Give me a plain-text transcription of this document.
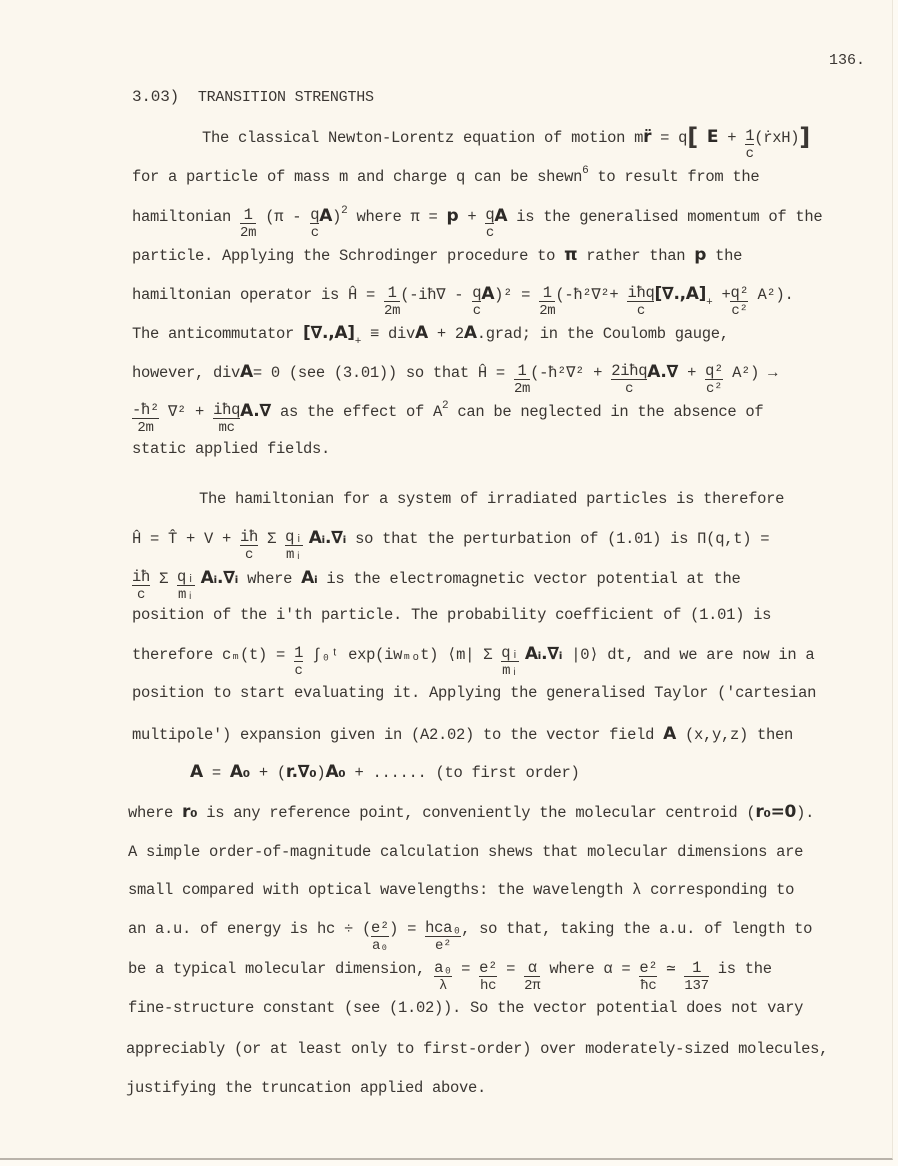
136.
3.03) TRANSITION STRENGTHS
The classical Newton-Lorentz equation of motion mr̈ = q[ $E + \frac{1}{c}$ (ṙxH)]
for a particle of mass m and charge q can be shewn$^6$ to result from the
hamiltonian $\frac{1}{2m} (\pi - \frac{q}{c} A)^2$ where $\pi = p + \frac{q}{c}$ A is the generalised momentum of the
particle. Applying the Schrodinger procedure to π rather than p the
hamiltonian operator is Ĥ = $\frac{1}{2m}$ (-iħ∇ - $\frac{q}{c} A)^2 = \frac{1}{2m}$ (-ħ²∇²+ $\frac{\text{iħq}}{c} [\nabla.,A]_+ + \frac{\text{q²}}{\text{c²}} A^2$).
The anticommutator $[\nabla.,A]_+$ ≡ divA + 2A.grad; in the Coulomb gauge,
however, divA= 0 (see (3.01)) so that Ĥ = $\frac{1}{2m}$ (-ħ²∇² + $\frac{\text{2iħq}}{c} A.\nabla + \frac{\text{q²}}{\text{c²}} A^2$) →
$\frac{\text{-ħ²}}{2m} \nabla^2 + \frac{\text{iħq}}{mc} A.\nabla$ as the effect of $A^2$ can be neglected in the absence of
static applied fields.
The hamiltonian for a system of irradiated particles is therefore
Ĥ = T̂ + $V + \frac{iħ}{c}$ Σ $\frac{\text{qᵢ}}{\text{mᵢ}}$ Aᵢ.∇ᵢ so that the perturbation of (1.01) is Π(q,t) =
$\frac{iħ}{c}$ Σ $\frac{\text{qᵢ}}{\text{mᵢ}}$ Aᵢ.∇ᵢ where Aᵢ is the electromagnetic vector potential at the
position of the i'th particle. The probability coefficient of (1.01) is
therefore $c_m(t) = \frac{1}{c}$ ∫₀ᵗ exp(iwₘₒt) ⟨m| Σ $\frac{\text{qᵢ}}{\text{mᵢ}}$ Aᵢ.∇ᵢ |0⟩ dt, and we are now in a
position to start evaluating it. Applying the generalised Taylor ('cartesian
multipole') expansion given in (A2.02) to the vector field A (x,y,z) then
A = A₀ + (r.∇₀)A₀ + ...... (to first order)
where r₀ is any reference point, conveniently the molecular centroid (r₀=0).
A simple order-of-magnitude calculation shews that molecular dimensions are
small compared with optical wavelengths: the wavelength λ corresponding to
an a.u. of energy is hc ÷ ( $\frac{\text{e²}}{\text{a₀}}$ ) = $\frac{\text{hca₀}}{\text{e²}}$ , so that, taking the a.u. of length to
be a typical molecular dimension, $\frac{\text{a₀}}{\lambda} = \frac{\text{e²}}{hc} = \frac{\alpha}{2\pi}$ where $\alpha = \frac{\text{e²}}{ħc}$ ≃ $\frac{1}{137}$ is the
fine-structure constant (see (1.02)). So the vector potential does not vary
appreciably (or at least only to first-order) over moderately-sized molecules,
justifying the truncation applied above.
